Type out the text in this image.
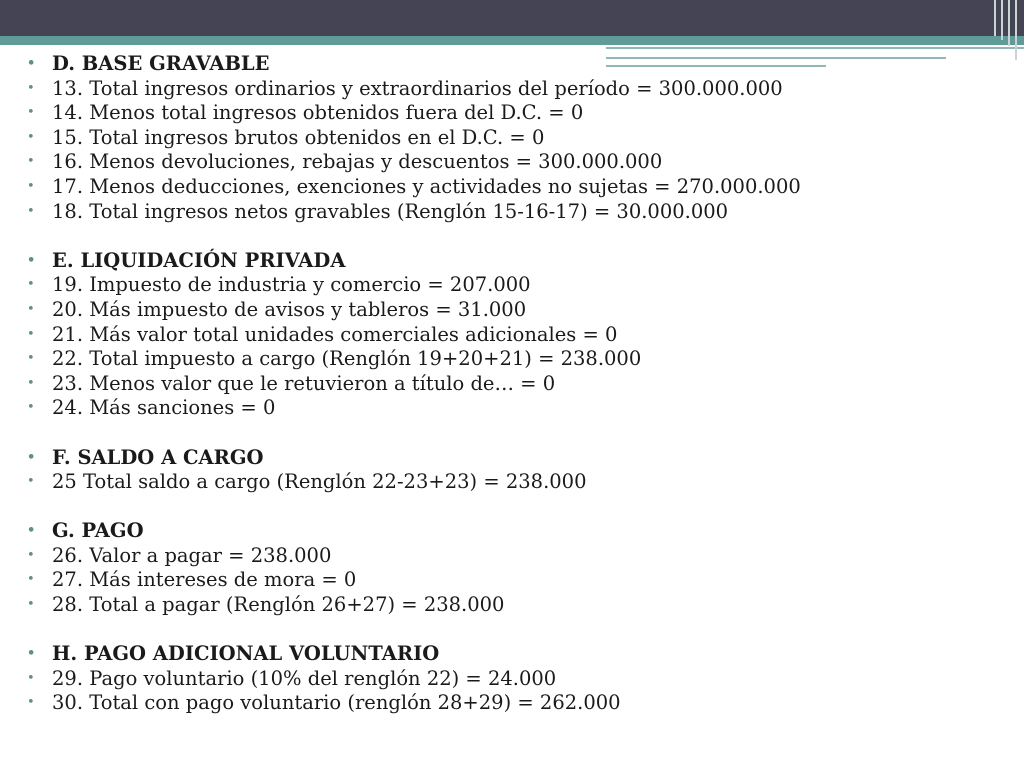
• D. BASE GRAVABLE
• 13. Total ingresos ordinarios y extraordinarios del período = 300.000.000
• 14. Menos total ingresos obtenidos fuera del D.C. = 0
• 15. Total ingresos brutos obtenidos en el D.C. = 0
• 16. Menos devoluciones, rebajas y descuentos = 300.000.000
• 17. Menos deducciones, exenciones y actividades no sujetas = 270.000.000
• 18. Total ingresos netos gravables (Renglón 15-16-17) = 30.000.000
• E. LIQUIDACIÓN PRIVADA
• 19. Impuesto de industria y comercio = 207.000
• 20. Más impuesto de avisos y tableros = 31.000
• 21. Más valor total unidades comerciales adicionales = 0
• 22. Total impuesto a cargo (Renglón 19+20+21) = 238.000
• 23. Menos valor que le retuvieron a título de… = 0
• 24. Más sanciones = 0
• F. SALDO A CARGO
• 25 Total saldo a cargo (Renglón 22-23+23) = 238.000
• G. PAGO
• 26. Valor a pagar = 238.000
• 27. Más intereses de mora = 0
• 28. Total a pagar (Renglón 26+27) = 238.000
• H. PAGO ADICIONAL VOLUNTARIO
• 29. Pago voluntario (10% del renglón 22) = 24.000
• 30. Total con pago voluntario (renglón 28+29) = 262.000
